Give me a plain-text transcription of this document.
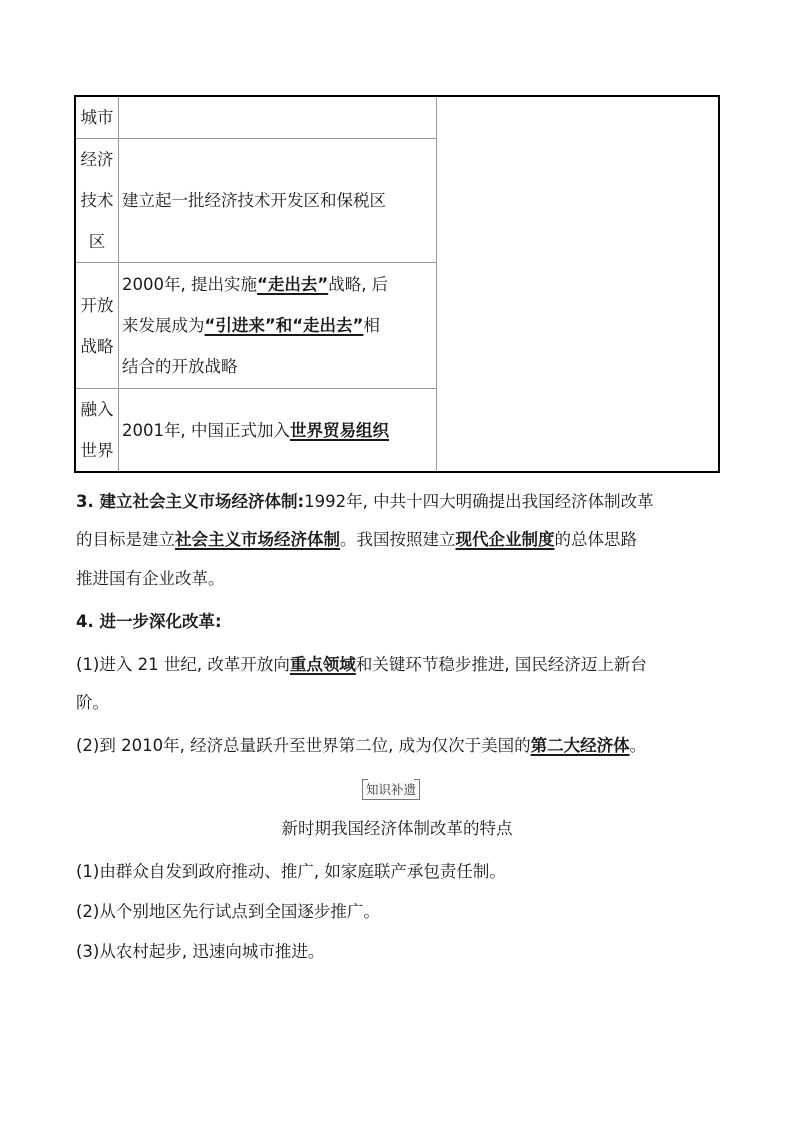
城市		

经济
技术
区	建立起一批经济技术开发区和保税区	

开放
战略	2000年, 提出实施“走出去”战略, 后
来发展成为“引进来”和“走出去”相
结合的开放战略	

融入
世界	2001年, 中国正式加入世界贸易组织	
3. 建立社会主义市场经济体制:1992年, 中共十四大明确提出我国经济体制改革
的目标是建立社会主义市场经济体制。我国按照建立现代企业制度的总体思路
推进国有企业改革。
4. 进一步深化改革:
(1)进入 21 世纪, 改革开放向重点领域和关键环节稳步推进, 国民经济迈上新台
阶。
(2)到 2010年, 经济总量跃升至世界第二位, 成为仅次于美国的第二大经济体。
知识补遗
新时期我国经济体制改革的特点
(1)由群众自发到政府推动、推广, 如家庭联产承包责任制。
(2)从个别地区先行试点到全国逐步推广。
(3)从农村起步, 迅速向城市推进。
